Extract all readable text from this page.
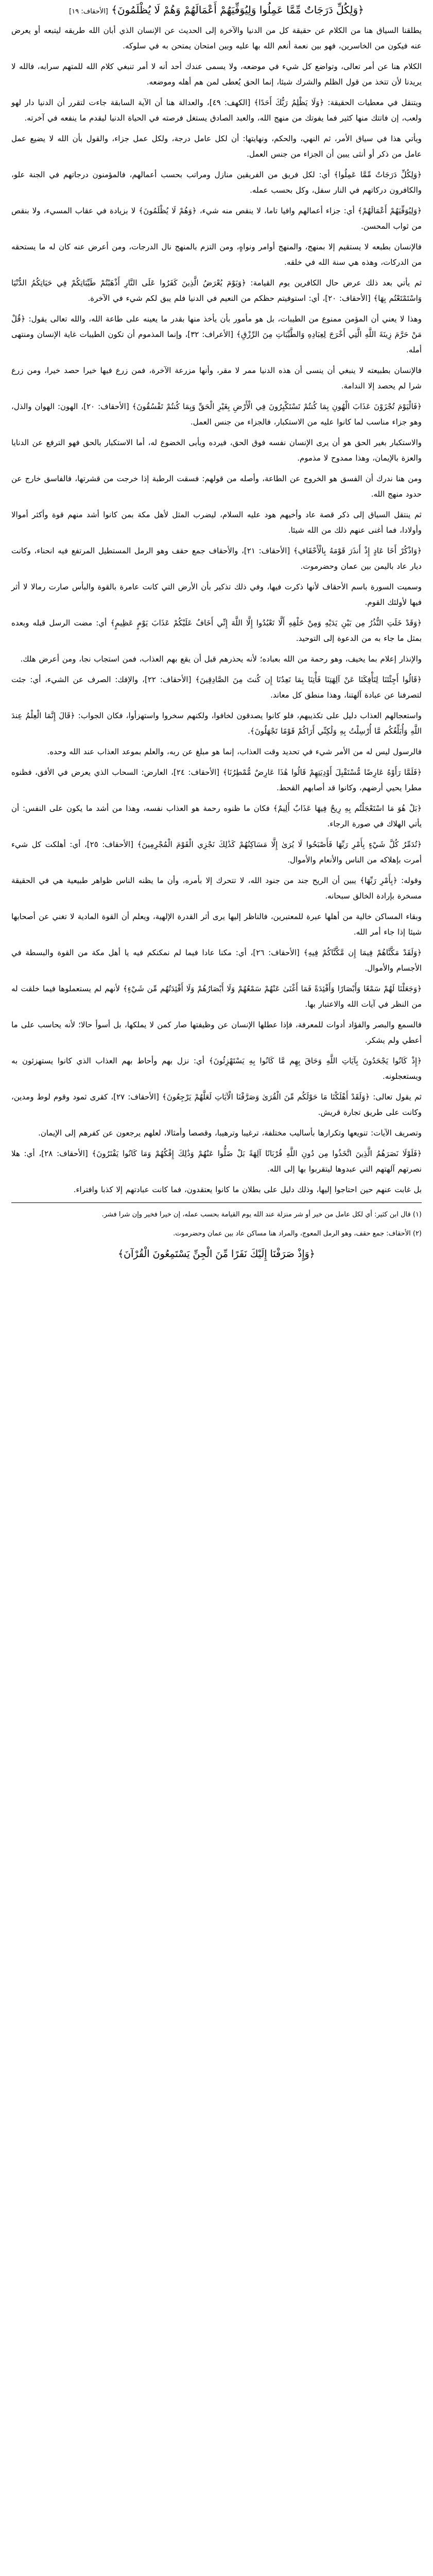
﴿وَلِكُلِّ دَرَجَاتٌ مِّمَّا عَمِلُوا وَلِيُوَفِّيَهُمْ أَعْمَالَهُمْ وَهُمْ لَا يُظْلَمُونَ﴾ [الأحقاف: ١٩]

يطلقنا السياق هنا من الكلام عن حقيقة كل من الدنيا والآخرة إلى الحديث عن الإنسان الذي أبان الله طريقه ليتبعه أو يعرض عنه فيكون من الخاسرين، فهو بين نعمة أنعم الله بها عليه وبين امتحان يمتحن به في سلوكه.

الكلام هنا عن أمر تعالى، وتواضع كل شيء في موضعه، ولا يسمى عندك أحد أنه لا أمر تنبغي كلام الله للمتهم سرابه، فالله لا يريدنا لأن تتخذ من قول الظلم والشرك شيئا، إنما الحق يُعطى لمن هم أهله وموضعه.

ويتنقل في معطيات الحقيقة: ﴿وَلَا يَظْلِمُ رَبُّكَ أَحَدًا﴾ [الكهف: ٤٩]، والعدالة هنا أن الآية السابقة جاءت لتقرر أن الدنيا دار لهو ولعب، إن فاتتك منها كثير فما يفوتك من منهج الله، والعبد الصادق يستغل فرصته في الحياة الدنيا ليقدم ما ينفعه في آخرته.

ويأتي هذا في سياق الأمر، ثم النهي، والحكم، ونهايتها: أن لكل عامل درجة، ولكل عمل جزاء، والقول بأن الله لا يضيع عمل عامل من ذكر أو أنثى يبين أن الجزاء من جنس العمل.

﴿وَلِكُلِّ دَرَجَاتٌ مِّمَّا عَمِلُوا﴾ أي: لكل فريق من الفريقين منازل ومراتب بحسب أعمالهم، فالمؤمنون درجاتهم في الجنة علو، والكافرون دركاتهم في النار سفل، وكل بحسب عمله.

﴿وَلِيُوَفِّيَهُمْ أَعْمَالَهُمْ﴾ أي: جزاء أعمالهم وافيا تاما، لا ينقص منه شيء، ﴿وَهُمْ لَا يُظْلَمُونَ﴾ لا بزيادة في عقاب المسيء، ولا بنقص من ثواب المحسن.

فالإنسان بطبعه لا يستقيم إلا بمنهج، والمنهج أوامر ونواهٍ، ومن التزم بالمنهج نال الدرجات، ومن أعرض عنه كان له ما يستحقه من الدركات، وهذه هي سنة الله في خلقه.

ثم يأتي بعد ذلك عرض حال الكافرين يوم القيامة: ﴿وَيَوْمَ يُعْرَضُ الَّذِينَ كَفَرُوا عَلَى النَّارِ أَذْهَبْتُمْ طَيِّبَاتِكُمْ فِي حَيَاتِكُمُ الدُّنْيَا وَاسْتَمْتَعْتُم بِهَا﴾ [الأحقاف: ٢٠]، أي: استوفيتم حظكم من النعيم في الدنيا فلم يبق لكم شيء في الآخرة.

وهذا لا يعني أن المؤمن ممنوع من الطيبات، بل هو مأمور بأن يأخذ منها بقدر ما يعينه على طاعة الله، والله تعالى يقول: ﴿قُلْ مَنْ حَرَّمَ زِينَةَ اللَّهِ الَّتِي أَخْرَجَ لِعِبَادِهِ وَالطَّيِّبَاتِ مِنَ الرِّزْقِ﴾ [الأعراف: ٣٢]، وإنما المذموم أن تكون الطيبات غاية الإنسان ومنتهى أمله.

فالإنسان بطبيعته لا ينبغي أن ينسى أن هذه الدنيا ممر لا مقر، وأنها مزرعة الآخرة، فمن زرع فيها خيرا حصد خيرا، ومن زرع شرا لم يحصد إلا الندامة.

﴿فَالْيَوْمَ تُجْزَوْنَ عَذَابَ الْهُونِ بِمَا كُنتُمْ تَسْتَكْبِرُونَ فِي الْأَرْضِ بِغَيْرِ الْحَقِّ وَبِمَا كُنتُمْ تَفْسُقُونَ﴾ [الأحقاف: ٢٠]، الهون: الهوان والذل، وهو جزاء مناسب لما كانوا عليه من الاستكبار، فالجزاء من جنس العمل.

والاستكبار بغير الحق هو أن يرى الإنسان نفسه فوق الحق، فيرده ويأبى الخضوع له، أما الاستكبار بالحق فهو الترفع عن الدنايا والعزة بالإيمان، وهذا ممدوح لا مذموم.

ومن هنا ندرك أن الفسق هو الخروج عن الطاعة، وأصله من قولهم: فسقت الرطبة إذا خرجت من قشرتها، فالفاسق خارج عن حدود منهج الله.

ثم ينتقل السياق إلى ذكر قصة عاد وأخيهم هود عليه السلام، ليضرب المثل لأهل مكة بمن كانوا أشد منهم قوة وأكثر أموالا وأولادا، فما أغنى عنهم ذلك من الله شيئا.

﴿وَاذْكُرْ أَخَا عَادٍ إِذْ أَنذَرَ قَوْمَهُ بِالْأَحْقَافِ﴾ [الأحقاف: ٢١]، والأحقاف جمع حقف وهو الرمل المستطيل المرتفع فيه انحناء، وكانت ديار عاد باليمن بين عمان وحضرموت.

وسميت السورة باسم الأحقاف لأنها ذكرت فيها، وفي ذلك تذكير بأن الأرض التي كانت عامرة بالقوة والبأس صارت رمالا لا أثر فيها لأولئك القوم.

﴿وَقَدْ خَلَتِ النُّذُرُ مِن بَيْنِ يَدَيْهِ وَمِنْ خَلْفِهِ أَلَّا تَعْبُدُوا إِلَّا اللَّهَ إِنِّي أَخَافُ عَلَيْكُمْ عَذَابَ يَوْمٍ عَظِيمٍ﴾ أي: مضت الرسل قبله وبعده بمثل ما جاء به من الدعوة إلى التوحيد.

والإنذار إعلام بما يخيف، وهو رحمة من الله بعباده؛ لأنه يحذرهم قبل أن يقع بهم العذاب، فمن استجاب نجا، ومن أعرض هلك.

﴿قَالُوا أَجِئْتَنَا لِتَأْفِكَنَا عَنْ آلِهَتِنَا فَأْتِنَا بِمَا تَعِدُنَا إِن كُنتَ مِنَ الصَّادِقِينَ﴾ [الأحقاف: ٢٢]، والإفك: الصرف عن الشيء، أي: جئت لتصرفنا عن عبادة آلهتنا، وهذا منطق كل معاند.

واستعجالهم العذاب دليل على تكذيبهم، فلو كانوا يصدقون لخافوا، ولكنهم سخروا واستهزأوا، فكان الجواب: ﴿قَالَ إِنَّمَا الْعِلْمُ عِندَ اللَّهِ وَأُبَلِّغُكُم مَّا أُرْسِلْتُ بِهِ وَلَٰكِنِّي أَرَاكُمْ قَوْمًا تَجْهَلُونَ﴾.

فالرسول ليس له من الأمر شيء في تحديد وقت العذاب، إنما هو مبلغ عن ربه، والعلم بموعد العذاب عند الله وحده.

﴿فَلَمَّا رَأَوْهُ عَارِضًا مُّسْتَقْبِلَ أَوْدِيَتِهِمْ قَالُوا هَٰذَا عَارِضٌ مُّمْطِرُنَا﴾ [الأحقاف: ٢٤]، العارض: السحاب الذي يعرض في الأفق، فظنوه مطرا يحيي أرضهم، وكانوا قد أصابهم القحط.

﴿بَلْ هُوَ مَا اسْتَعْجَلْتُم بِهِ رِيحٌ فِيهَا عَذَابٌ أَلِيمٌ﴾ فكان ما ظنوه رحمة هو العذاب نفسه، وهذا من أشد ما يكون على النفس: أن يأتي الهلاك في صورة الرجاء.

﴿تُدَمِّرُ كُلَّ شَيْءٍ بِأَمْرِ رَبِّهَا فَأَصْبَحُوا لَا يُرَىٰ إِلَّا مَسَاكِنُهُمْ كَذَٰلِكَ نَجْزِي الْقَوْمَ الْمُجْرِمِينَ﴾ [الأحقاف: ٢٥]، أي: أهلكت كل شيء أمرت بإهلاكه من الناس والأنعام والأموال.

وقوله: ﴿بِأَمْرِ رَبِّهَا﴾ يبين أن الريح جند من جنود الله، لا تتحرك إلا بأمره، وأن ما يظنه الناس ظواهر طبيعية هي في الحقيقة مسخرة بإرادة الخالق سبحانه.

وبقاء المساكن خالية من أهلها عبرة للمعتبرين، فالناظر إليها يرى أثر القدرة الإلهية، ويعلم أن القوة المادية لا تغني عن أصحابها شيئا إذا جاء أمر الله.

﴿وَلَقَدْ مَكَّنَّاهُمْ فِيمَا إِن مَّكَّنَّاكُمْ فِيهِ﴾ [الأحقاف: ٢٦]، أي: مكنا عادا فيما لم نمكنكم فيه يا أهل مكة من القوة والبسطة في الأجسام والأموال.

﴿وَجَعَلْنَا لَهُمْ سَمْعًا وَأَبْصَارًا وَأَفْئِدَةً فَمَا أَغْنَىٰ عَنْهُمْ سَمْعُهُمْ وَلَا أَبْصَارُهُمْ وَلَا أَفْئِدَتُهُم مِّن شَيْءٍ﴾ لأنهم لم يستعملوها فيما خلقت له من النظر في آيات الله والاعتبار بها.

فالسمع والبصر والفؤاد أدوات للمعرفة، فإذا عطلها الإنسان عن وظيفتها صار كمن لا يملكها، بل أسوأ حالا؛ لأنه يحاسب على ما أعطي ولم يشكر.

﴿إِذْ كَانُوا يَجْحَدُونَ بِآيَاتِ اللَّهِ وَحَاقَ بِهِم مَّا كَانُوا بِهِ يَسْتَهْزِئُونَ﴾ أي: نزل بهم وأحاط بهم العذاب الذي كانوا يستهزئون به ويستعجلونه.

ثم يقول تعالى: ﴿وَلَقَدْ أَهْلَكْنَا مَا حَوْلَكُم مِّنَ الْقُرَىٰ وَصَرَّفْنَا الْآيَاتِ لَعَلَّهُمْ يَرْجِعُونَ﴾ [الأحقاف: ٢٧]، كقرى ثمود وقوم لوط ومدين، وكانت على طريق تجارة قريش.

وتصريف الآيات: تنويعها وتكرارها بأساليب مختلفة، ترغيبا وترهيبا، وقصصا وأمثالا، لعلهم يرجعون عن كفرهم إلى الإيمان.

﴿فَلَوْلَا نَصَرَهُمُ الَّذِينَ اتَّخَذُوا مِن دُونِ اللَّهِ قُرْبَانًا آلِهَةً بَلْ ضَلُّوا عَنْهُمْ وَذَٰلِكَ إِفْكُهُمْ وَمَا كَانُوا يَفْتَرُونَ﴾ [الأحقاف: ٢٨]، أي: هلا نصرتهم آلهتهم التي عبدوها ليتقربوا بها إلى الله.

بل غابت عنهم حين احتاجوا إليها، وذلك دليل على بطلان ما كانوا يعتقدون، فما كانت عبادتهم إلا كذبا وافتراء.

(١) قال ابن كثير: أي لكل عامل من خير أو شر منزلة عند الله يوم القيامة بحسب عمله، إن خيرا فخير وإن شرا فشر.

(٢) الأحقاف: جمع حقف، وهو الرمل المعوج، والمراد هنا مساكن عاد بين عمان وحضرموت.

﴿وَإِذْ صَرَفْنَا إِلَيْكَ نَفَرًا مِّنَ الْجِنِّ يَسْتَمِعُونَ الْقُرْآنَ﴾
